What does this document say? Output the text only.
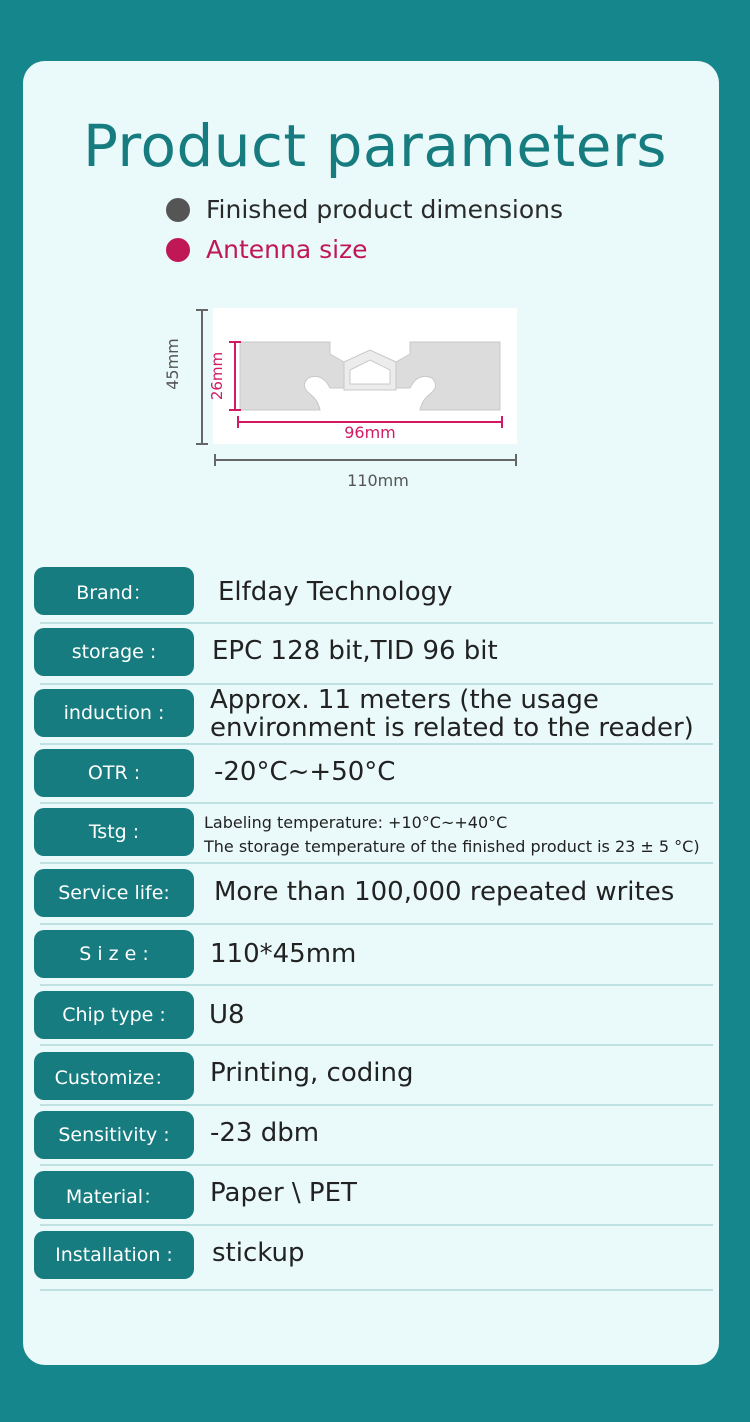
Product parameters
Finished product dimensions
Antenna size
45mm 26mm
96mm
110mm
Brand：	Elfday Technology
storage :	EPC 128 bit,TID 96 bit
induction :	Approx. 11 meters (the usage
environment is related to the reader)
OTR :	-20°C~+50°C
Tstg :	Labeling temperature: +10°C~+40°C
The storage temperature of the finished product is 23 ± 5 °C)
Service life:	More than 100,000 repeated writes
S i z e :	110*45mm
Chip type :	U8
Customize：	Printing, coding
Sensitivity :	-23 dbm
Material：	Paper \ PET
Installation :	stickup
